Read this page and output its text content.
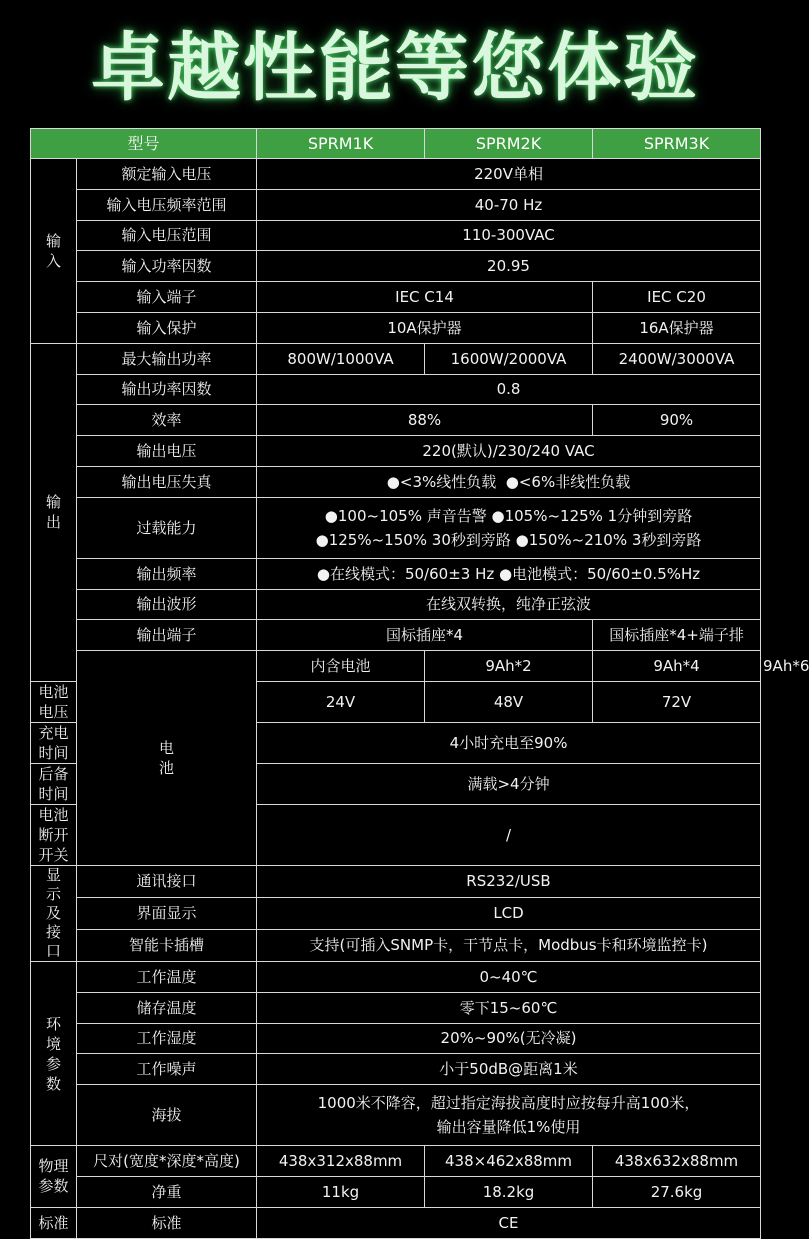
卓越性能等您体验
型号		SPRM1K	SPRM2K	SPRM3K	
输入	额定输入电压	220V单相			
	输入电压频率范围	40-70 Hz			
	输入电压范围	110-300VAC			
	输入功率因数	20.95			
	输入端子	IEC C14		IEC C20	
	输入保护	10A保护器		16A保护器	
输出	最大输出功率	800W/1000VA	1600W/2000VA	2400W/3000VA	
	输出功率因数	0.8			
	效率	88%		90%	
	输出电压	220(默认)/230/240 VAC			
	输出电压失真	●<3%线性负载  ●<6%非线性负载			
	过载能力	●100~105% 声音告警 ●105%~125% 1分钟到旁路
●125%~150% 30秒到旁路 ●150%~210% 3秒到旁路			

	输出频率	●在线模式：50/60±3 Hz ●电池模式：50/60±0.5%Hz			
	输出波形	在线双转换，纯净正弦波			
	输出端子	国标插座*4		国标插座*4+端子排	
	电池	内含电池	9Ah*2	9Ah*4	9Ah*6
电池电压		24V	48V	72V	
充电时间		4小时充电至90%			
后备时间		满载>4分钟			
电池断开开关		/			
显示及接口	通讯接口	RS232/USB			
	界面显示	LCD			
	智能卡插槽	支持(可插入SNMP卡，干节点卡，Modbus卡和环境监控卡)			
环境参数	工作温度	0~40℃			
	储存温度	零下15~60℃			
	工作湿度	20%~90%(无冷凝)			
	工作噪声	小于50dB@距离1米			
	海拔	1000米不降容，超过指定海拔高度时应按每升高100米，
输出容量降低1%使用			

物理参数	尺对(宽度*深度*高度)	438x312x88mm	438×462x88mm	438x632x88mm	
	净重	11kg	18.2kg	27.6kg	
标准	标准	CE			
